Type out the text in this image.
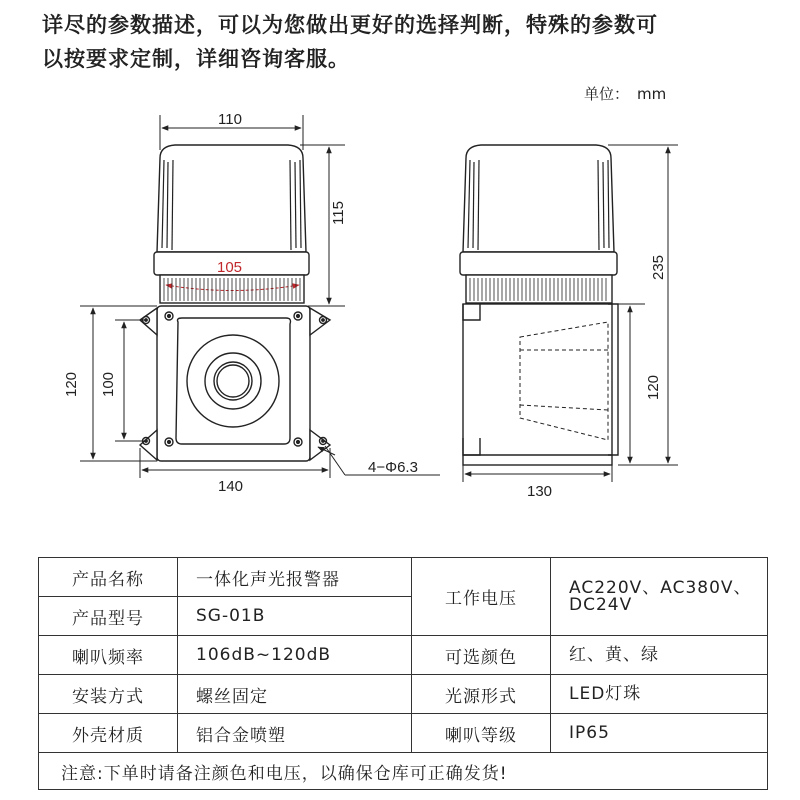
详尽的参数描述，可以为您做出更好的选择判断，特殊的参数可
以按要求定制，详细咨询客服。
单位： mm
110
115
105
120 100
140
4−Φ6.3
235
120
130
产品名称	一体化声光报警器	工作电压	AC220V、AC380V、
DC24V

产品型号	SG-01B		
喇叭频率	106dB~120dB	可选颜色	红、黄、绿
安装方式	螺丝固定	光源形式	LED灯珠
外壳材质	铝合金喷塑	喇叭等级	IP65
注意:下单时请备注颜色和电压，以确保仓库可正确发货!			
